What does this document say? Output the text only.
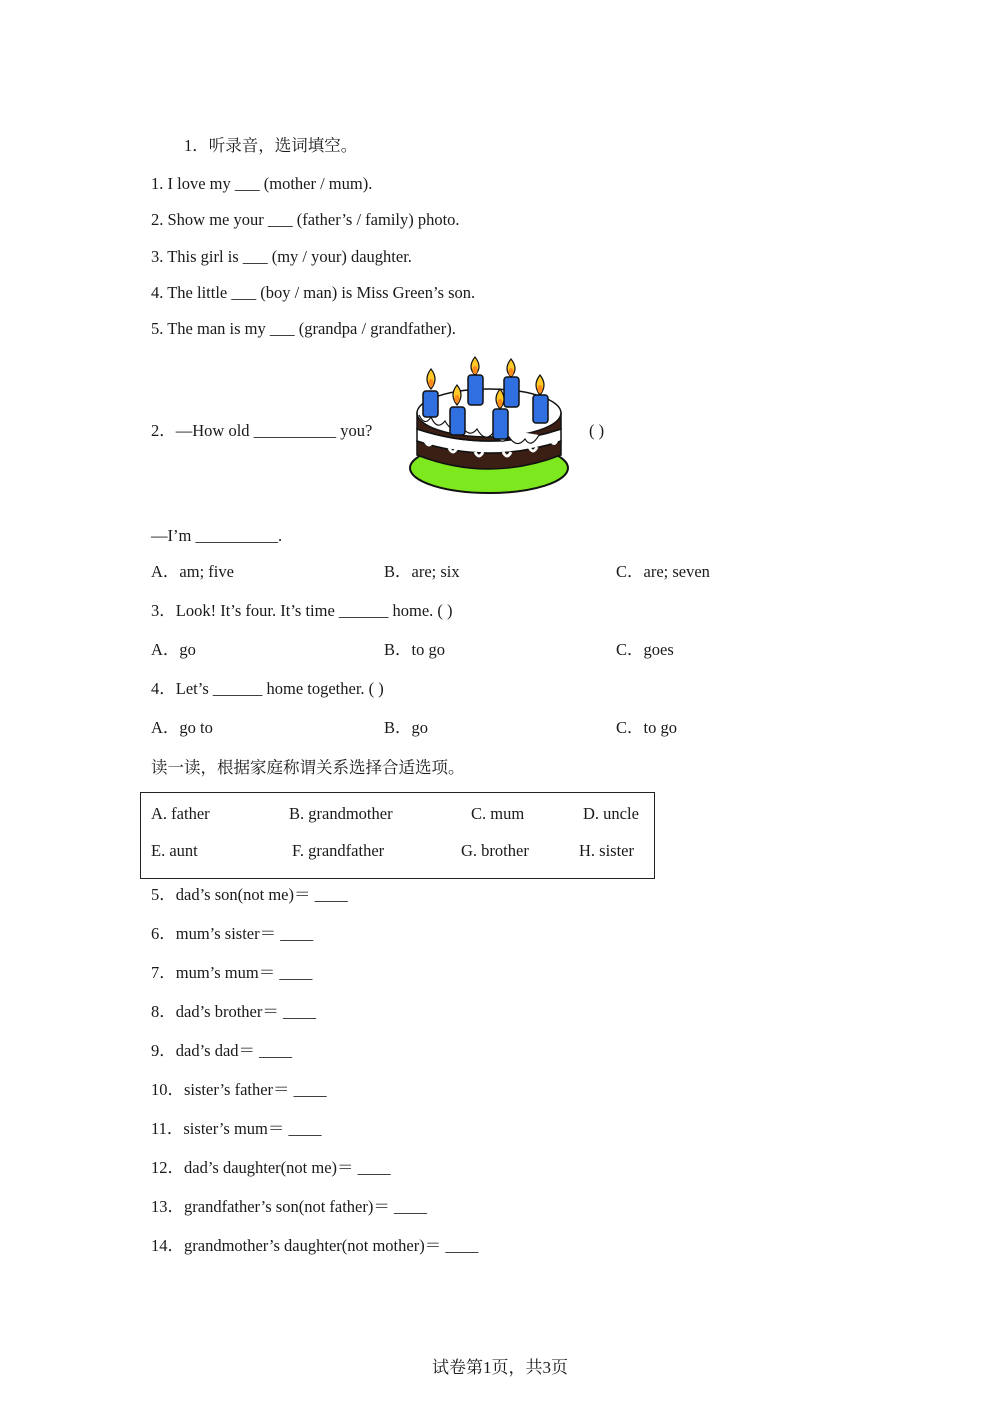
1．听录音，选词填空。
1. I love my ___ (mother / mum).
2. Show me your ___ (father’s / family) photo.
3. This girl is ___ (my / your) daughter.
4. The little ___ (boy / man) is Miss Green’s son.
5. The man is my ___ (grandpa / grandfather).
2．—How old __________ you?	( )
—I’m __________.
A．am; five	B．are; six	C．are; seven
3．Look! It’s four. It’s time ______ home. ( )
A．go	B．to go	C．goes
4．Let’s ______ home together. ( )
A．go to	B．go	C．to go
读一读，根据家庭称谓关系选择合适选项。
A. father	B. grandmother	C. mum	D. uncle
E. aunt	F. grandfather	G. brother	H. sister
5．dad’s son(not me)＝ ____
6．mum’s sister＝ ____
7．mum’s mum＝ ____
8．dad’s brother＝ ____
9．dad’s dad＝ ____
10．sister’s father＝ ____
11．sister’s mum＝ ____
12．dad’s daughter(not me)＝ ____
13．grandfather’s son(not father)＝ ____
14．grandmother’s daughter(not mother)＝ ____
试卷第1页，共3页
